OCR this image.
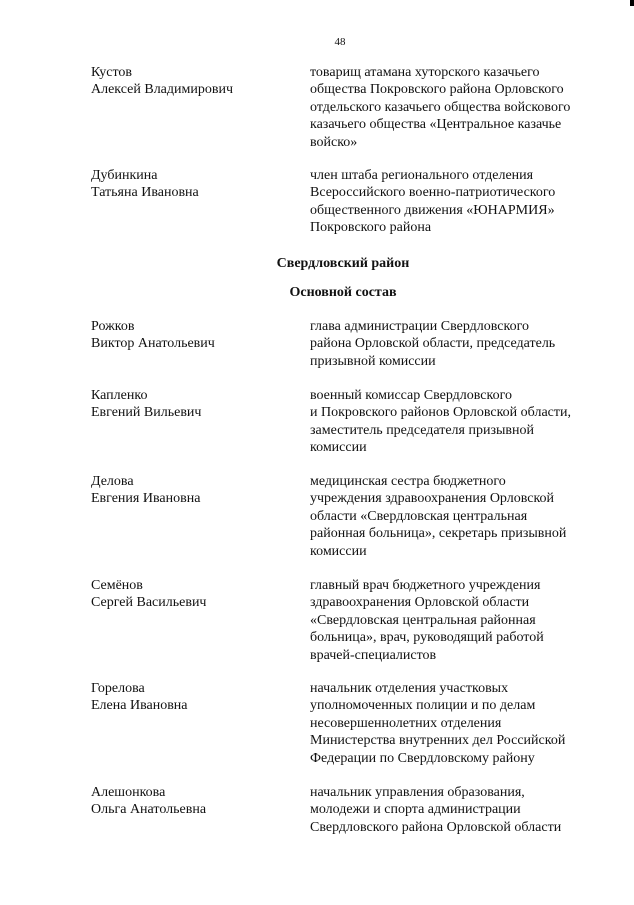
48
Кустов
Алексей Владимирович
товарищ атамана хуторского казачьего
общества Покровского района Орловского
отдельского казачьего общества войскового
казачьего общества «Центральное казачье
войско»
Дубинкина
Татьяна Ивановна
член штаба регионального отделения
Всероссийского военно-патриотического
общественного движения «ЮНАРМИЯ»
Покровского района
Свердловский район
Основной состав
Рожков
Виктор Анатольевич
глава администрации Свердловского
района Орловской области, председатель
призывной комиссии
Капленко
Евгений Вильевич
военный комиссар Свердловского
и Покровского районов Орловской области,
заместитель председателя призывной
комиссии
Делова
Евгения Ивановна
медицинская сестра бюджетного
учреждения здравоохранения Орловской
области «Свердловская центральная
районная больница», секретарь призывной
комиссии
Семёнов
Сергей Васильевич
главный врач бюджетного учреждения
здравоохранения Орловской области
«Свердловская центральная районная
больница», врач, руководящий работой
врачей-специалистов
Горелова
Елена Ивановна
начальник отделения участковых
уполномоченных полиции и по делам
несовершеннолетних отделения
Министерства внутренних дел Российской
Федерации по Свердловскому району
Алешонкова
Ольга Анатольевна
начальник управления образования,
молодежи и спорта администрации
Свердловского района Орловской области
